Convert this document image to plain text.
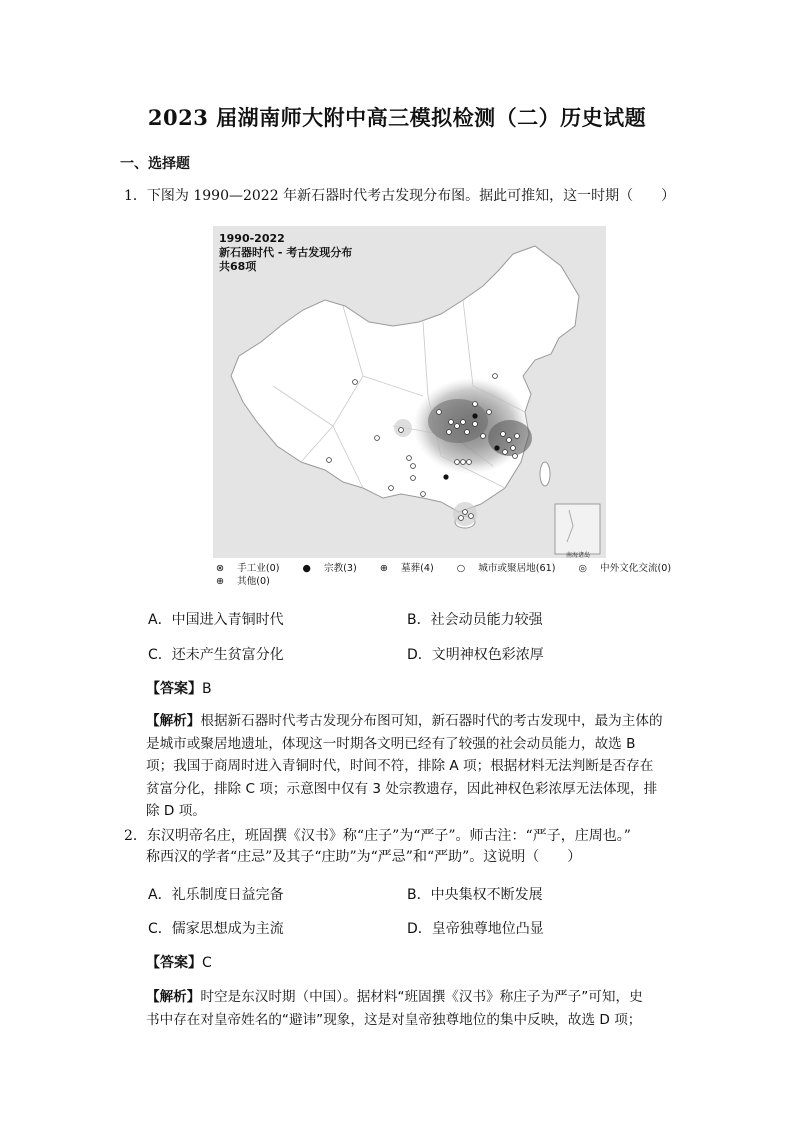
2023 届湖南师大附中高三模拟检测（二）历史试题
一、选择题
1．下图为 1990—2022 年新石器时代考古发现分布图。据此可推知，这一时期（　　）
1990-2022
新石器时代 - 考古发现分布
共68项
南海诸岛
⊗ 手工业(0) ● 宗教(3) ⊕ 墓葬(4) ○ 城市或聚居地(61) ◎ 中外文化交流(0)
⊕ 其他(0)
A．中国进入青铜时代	B．社会动员能力较强
C．还未产生贫富分化	D．文明神权色彩浓厚
【答案】B
【解析】根据新石器时代考古发现分布图可知，新石器时代的考古发现中，最为主体的
是城市或聚居地遗址，体现这一时期各文明已经有了较强的社会动员能力，故选 B
项；我国于商周时进入青铜时代，时间不符，排除 A 项；根据材料无法判断是否存在
贫富分化，排除 C 项；示意图中仅有 3 处宗教遗存，因此神权色彩浓厚无法体现，排
除 D 项。
2．东汉明帝名庄，班固撰《汉书》称“庄子”为“严子”。师古注：“严子，庄周也。”
称西汉的学者“庄忌”及其子“庄助”为“严忌”和“严助”。这说明（　　）
A．礼乐制度日益完备	B．中央集权不断发展
C．儒家思想成为主流	D．皇帝独尊地位凸显
【答案】C
【解析】时空是东汉时期（中国）。据材料“班固撰《汉书》称庄子为严子”可知，史
书中存在对皇帝姓名的“避讳”现象，这是对皇帝独尊地位的集中反映，故选 D 项；
